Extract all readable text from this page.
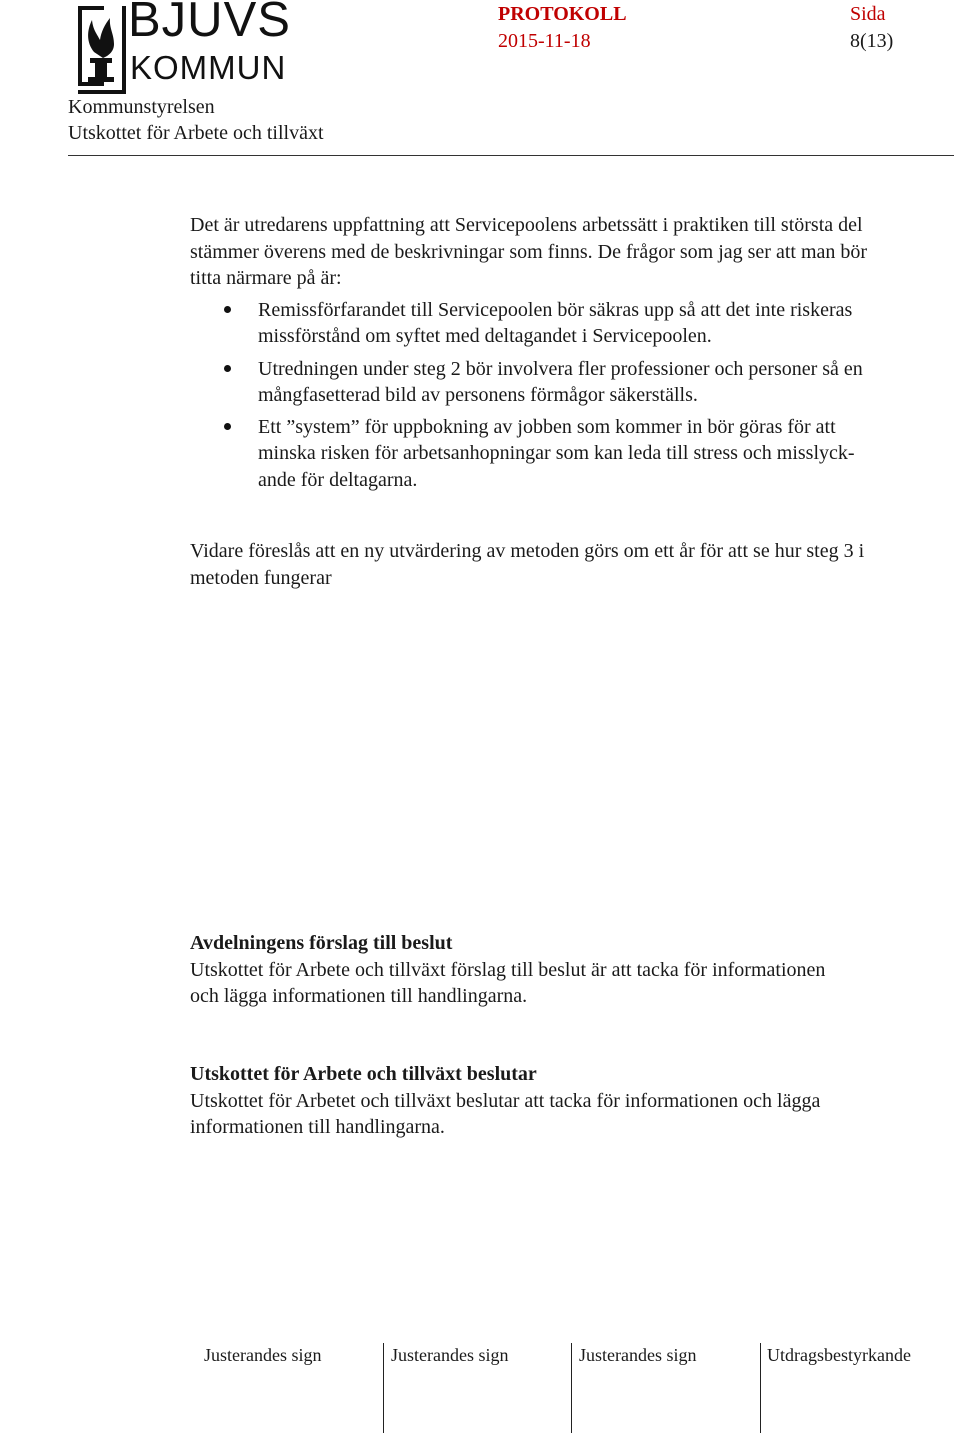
BJUVS
KOMMUN
PROTOKOLL
2015-11-18
Sida
8(13)
Kommunstyrelsen
Utskottet för Arbete och tillväxt

Det är utredarens uppfattning att Servicepoolens arbetssätt i praktiken till största del

stämmer överens med de beskrivningar som finns. De frågor som jag ser att man bör

titta närmare på är:

Remissförfarandet till Servicepoolen bör säkras upp så att det inte riskeras
missförstånd om syftet med deltagandet i Servicepoolen.
Utredningen under steg 2 bör involvera fler professioner och personer så en
mångfasetterad bild av personens förmågor säkerställs.
Ett ”system” för uppbokning av jobben som kommer in bör göras för att
minska risken för arbetsanhopningar som kan leda till stress och misslyck-
ande för deltagarna.

Vidare föreslås att en ny utvärdering av metoden görs om ett år för att se hur steg 3 i

metoden fungerar

Avdelningens förslag till beslut

Utskottet för Arbete och tillväxt förslag till beslut är att tacka för informationen

och lägga informationen till handlingarna.

Utskottet för Arbete och tillväxt beslutar

Utskottet för Arbetet och tillväxt beslutar att tacka för informationen och lägga

informationen till handlingarna.

Justerandes sign	Justerandes sign	Justerandes sign	Utdragsbestyrkande
